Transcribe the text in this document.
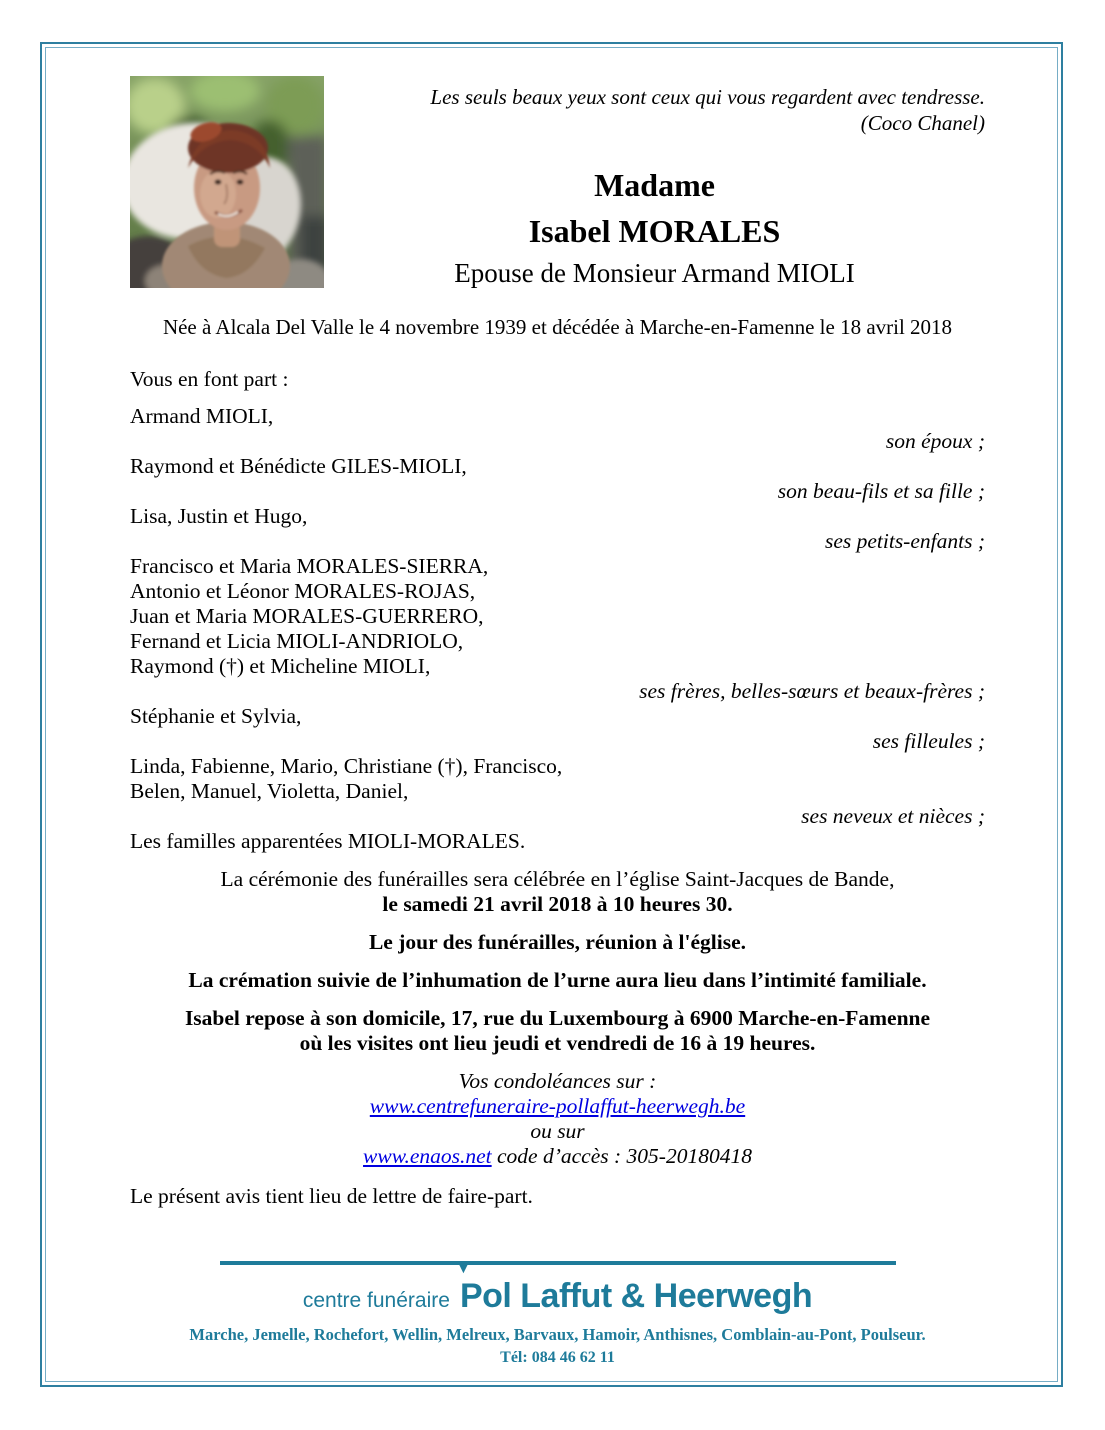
Les seuls beaux yeux sont ceux qui vous regardent avec tendresse.

(Coco Chanel)

Madame
Isabel MORALES
Epouse de Monsieur Armand MIOLI

Née à Alcala Del Valle le 4 novembre 1939 et décédée à Marche-en-Famenne le 18 avril 2018

Vous en font part :

Armand MIOLI,

son époux ;

Raymond et Bénédicte GILES-MIOLI,

son beau-fils et sa fille ;

Lisa, Justin et Hugo,

ses petits-enfants ;

Francisco et Maria MORALES-SIERRA,

Antonio et Léonor MORALES-ROJAS,

Juan et Maria MORALES-GUERRERO,

Fernand et Licia MIOLI-ANDRIOLO,

Raymond (†) et Micheline MIOLI,

ses frères, belles-sœurs et beaux-frères ;

Stéphanie et Sylvia,

ses filleules ;

Linda, Fabienne, Mario, Christiane (†), Francisco,

Belen, Manuel, Violetta, Daniel,

ses neveux et nièces ;

Les familles apparentées MIOLI-MORALES.

La cérémonie des funérailles sera célébrée en l’église Saint-Jacques de Bande,

le samedi 21 avril 2018 à 10 heures 30.

Le jour des funérailles, réunion à l'église.

La crémation suivie de l’inhumation de l’urne aura lieu dans l’intimité familiale.

Isabel repose à son domicile, 17, rue du Luxembourg à 6900 Marche-en-Famenne

où les visites ont lieu jeudi et vendredi de 16 à 19 heures.

Vos condoléances sur :

www.centrefuneraire-pollaffut-heerwegh.be

ou sur

www.enaos.net code d’accès : 305-20180418

Le présent avis tient lieu de lettre de faire-part.

centre funéraire
▼
Pol Laffut & Heerwegh

Marche, Jemelle, Rochefort, Wellin, Melreux, Barvaux, Hamoir, Anthisnes, Comblain-au-Pont, Poulseur.

Tél: 084 46 62 11
